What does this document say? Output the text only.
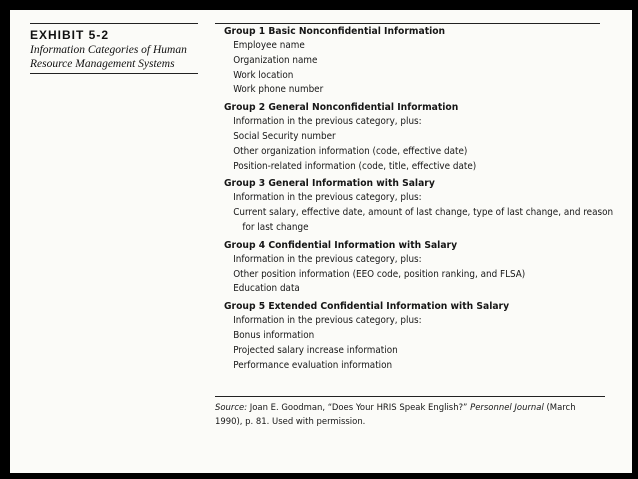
EXHIBIT 5-2
Information Categories of Human Resource Management Systems
Group 1 Basic Nonconfidential Information
Employee name
Organization name
Work location
Work phone number
Group 2 General Nonconfidential Information
Information in the previous category, plus:
Social Security number
Other organization information (code, effective date)
Position-related information (code, title, effective date)
Group 3 General Information with Salary
Information in the previous category, plus:
Current salary, effective date, amount of last change, type of last change, and reason
for last change
Group 4 Confidential Information with Salary
Information in the previous category, plus:
Other position information (EEO code, position ranking, and FLSA)
Education data
Group 5 Extended Confidential Information with Salary
Information in the previous category, plus:
Bonus information
Projected salary increase information
Performance evaluation information
Source: Joan E. Goodman, “Does Your HRIS Speak English?” Personnel Journal (March 1990), p. 81. Used with permission.
